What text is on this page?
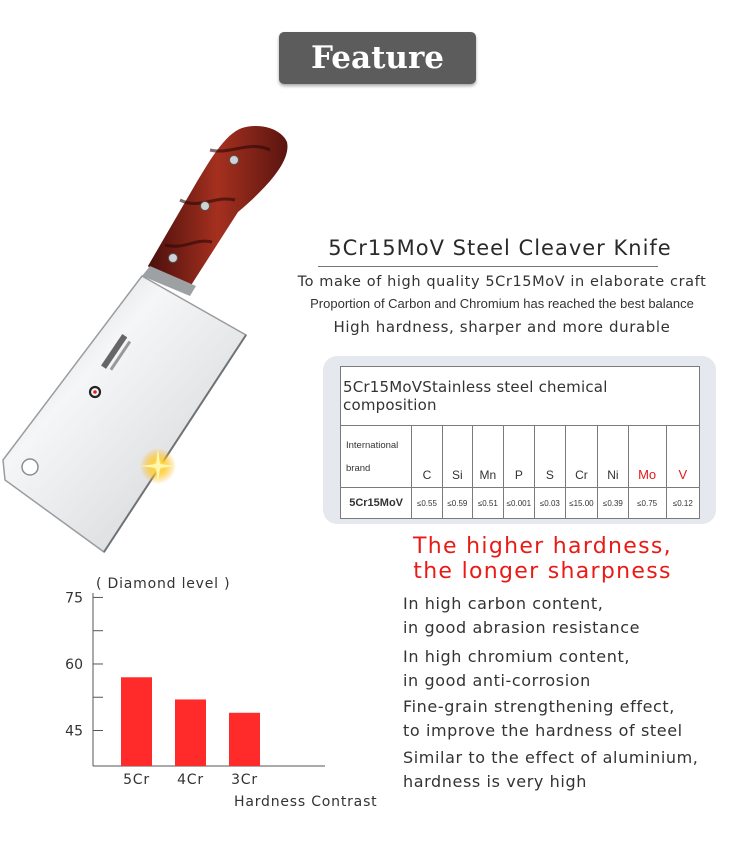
Feature
5Cr15MoV Steel Cleaver Knife
To make of high quality 5Cr15MoV in elaborate craft
Proportion of Carbon and Chromium has reached the best balance
High hardness, sharper and more durable
5Cr15MoVStainless steel chemical composition									
International
brand	C	Si	Mn	P	S	Cr	Ni	Mo	V
5Cr15MoV	≤0.55	≤0.59	≤0.51	≤0.001	≤0.03	≤15.00	≤0.39	≤0.75	≤0.12
The higher hardness,
the longer sharpness
In high carbon content,
in good abrasion resistance
In high chromium content,
in good anti-corrosion
Fine-grain strengthening effect,
to improve the hardness of steel
Similar to the effect of aluminium,
hardness is very high
( Diamond level )
75
60
45
5Cr 4Cr 3Cr
Hardness Contrast
